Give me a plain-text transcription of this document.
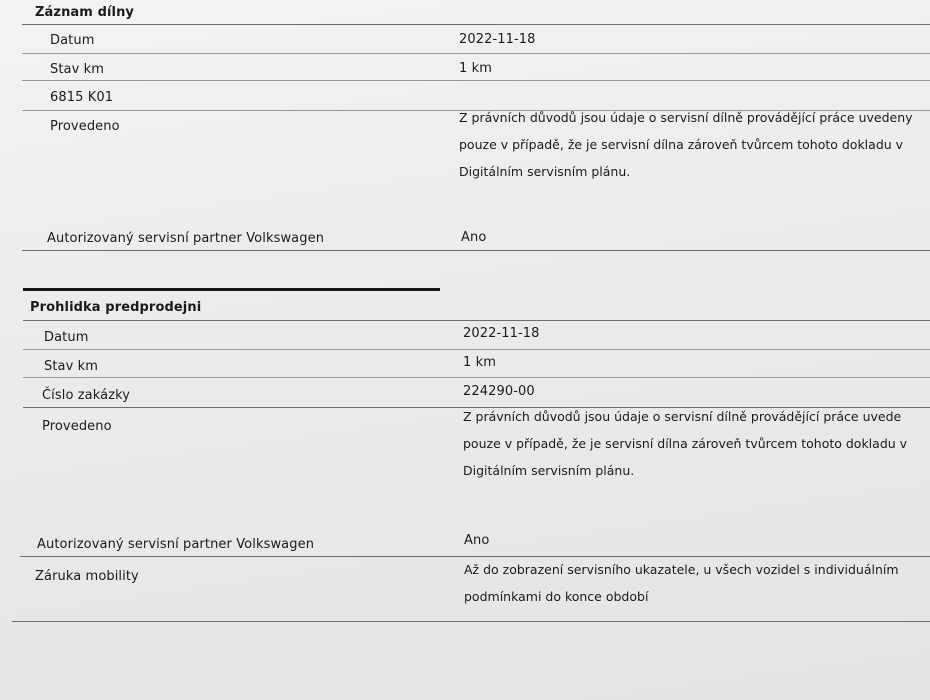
Záznam dílny
Datum	2022-11-18
Stav km	1 km
6815 K01
Provedeno
Z právních důvodů jsou údaje o servisní dílně provádějící práce uvedeny
pouze v případě, že je servisní dílna zároveň tvůrcem tohoto dokladu v
Digitálním servisním plánu.
Autorizovaný servisní partner Volkswagen	Ano
Prohlidka predprodejni
Datum	2022-11-18
Stav km	1 km
Číslo zakázky	224290-00
Provedeno
Z právních důvodů jsou údaje o servisní dílně provádějící práce uvede
pouze v případě, že je servisní dílna zároveň tvůrcem tohoto dokladu v
Digitálním servisním plánu.
Autorizovaný servisní partner Volkswagen	Ano
Záruka mobility	Až do zobrazení servisního ukazatele, u všech vozidel s individuálním
podmínkami do konce období
